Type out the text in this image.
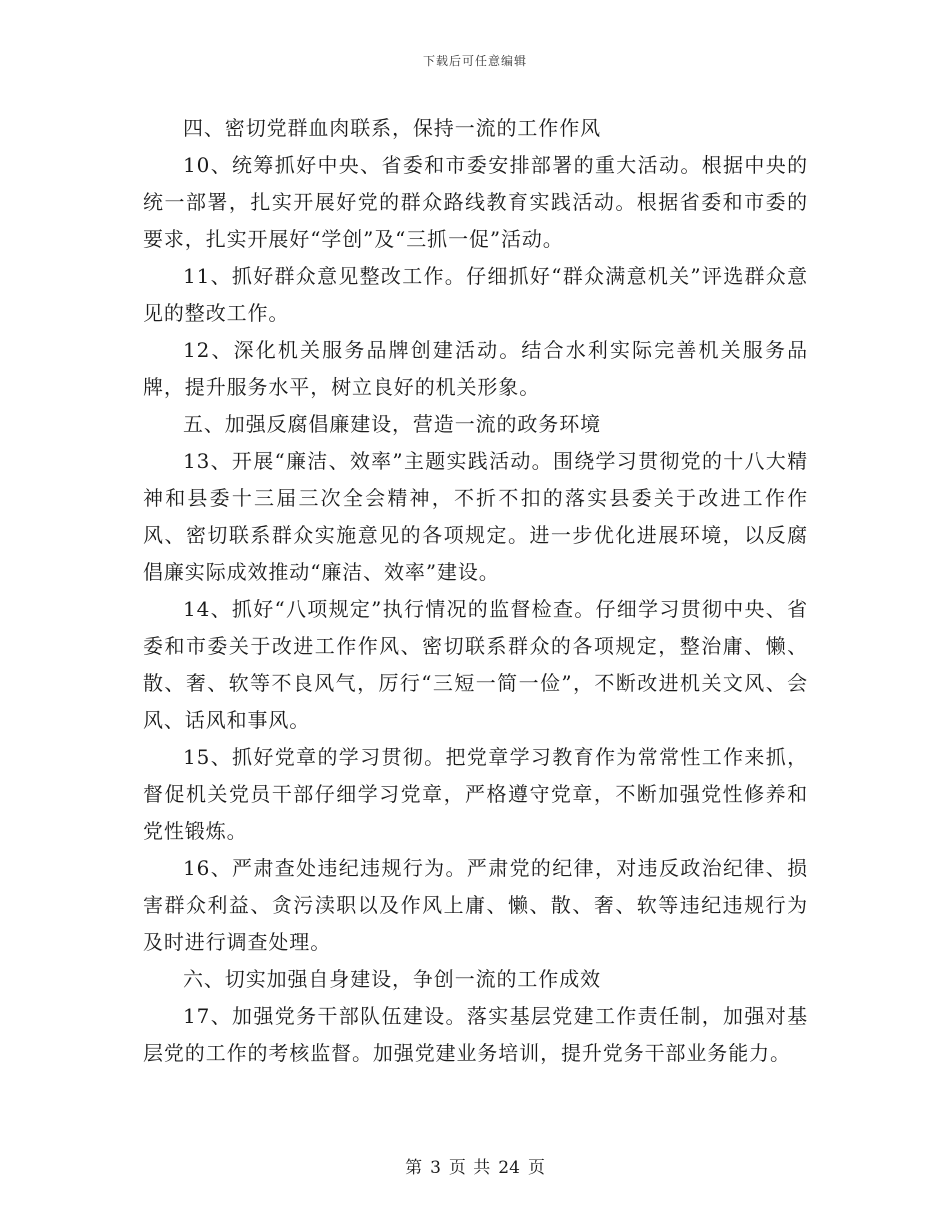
下载后可任意编辑

四、密切党群血肉联系，保持一流的工作作风

10、统筹抓好中央、省委和市委安排部署的重大活动。根据中央的统一部署，扎实开展好党的群众路线教育实践活动。根据省委和市委的要求，扎实开展好“学创”及“三抓一促”活动。

11、抓好群众意见整改工作。仔细抓好“群众满意机关”评选群众意见的整改工作。

12、深化机关服务品牌创建活动。结合水利实际完善机关服务品牌，提升服务水平，树立良好的机关形象。

五、加强反腐倡廉建设，营造一流的政务环境

13、开展“廉洁、效率”主题实践活动。围绕学习贯彻党的十八大精神和县委十三届三次全会精神，不折不扣的落实县委关于改进工作作风、密切联系群众实施意见的各项规定。进一步优化进展环境，以反腐倡廉实际成效推动“廉洁、效率”建设。

14、抓好“八项规定”执行情况的监督检查。仔细学习贯彻中央、省委和市委关于改进工作作风、密切联系群众的各项规定，整治庸、懒、散、奢、软等不良风气，厉行“三短一简一俭”，不断改进机关文风、会风、话风和事风。

15、抓好党章的学习贯彻。把党章学习教育作为常常性工作来抓，督促机关党员干部仔细学习党章，严格遵守党章，不断加强党性修养和党性锻炼。

16、严肃查处违纪违规行为。严肃党的纪律，对违反政治纪律、损害群众利益、贪污渎职以及作风上庸、懒、散、奢、软等违纪违规行为及时进行调查处理。

六、切实加强自身建设，争创一流的工作成效

17、加强党务干部队伍建设。落实基层党建工作责任制，加强对基层党的工作的考核监督。加强党建业务培训，提升党务干部业务能力。

第 3 页 共 24 页
